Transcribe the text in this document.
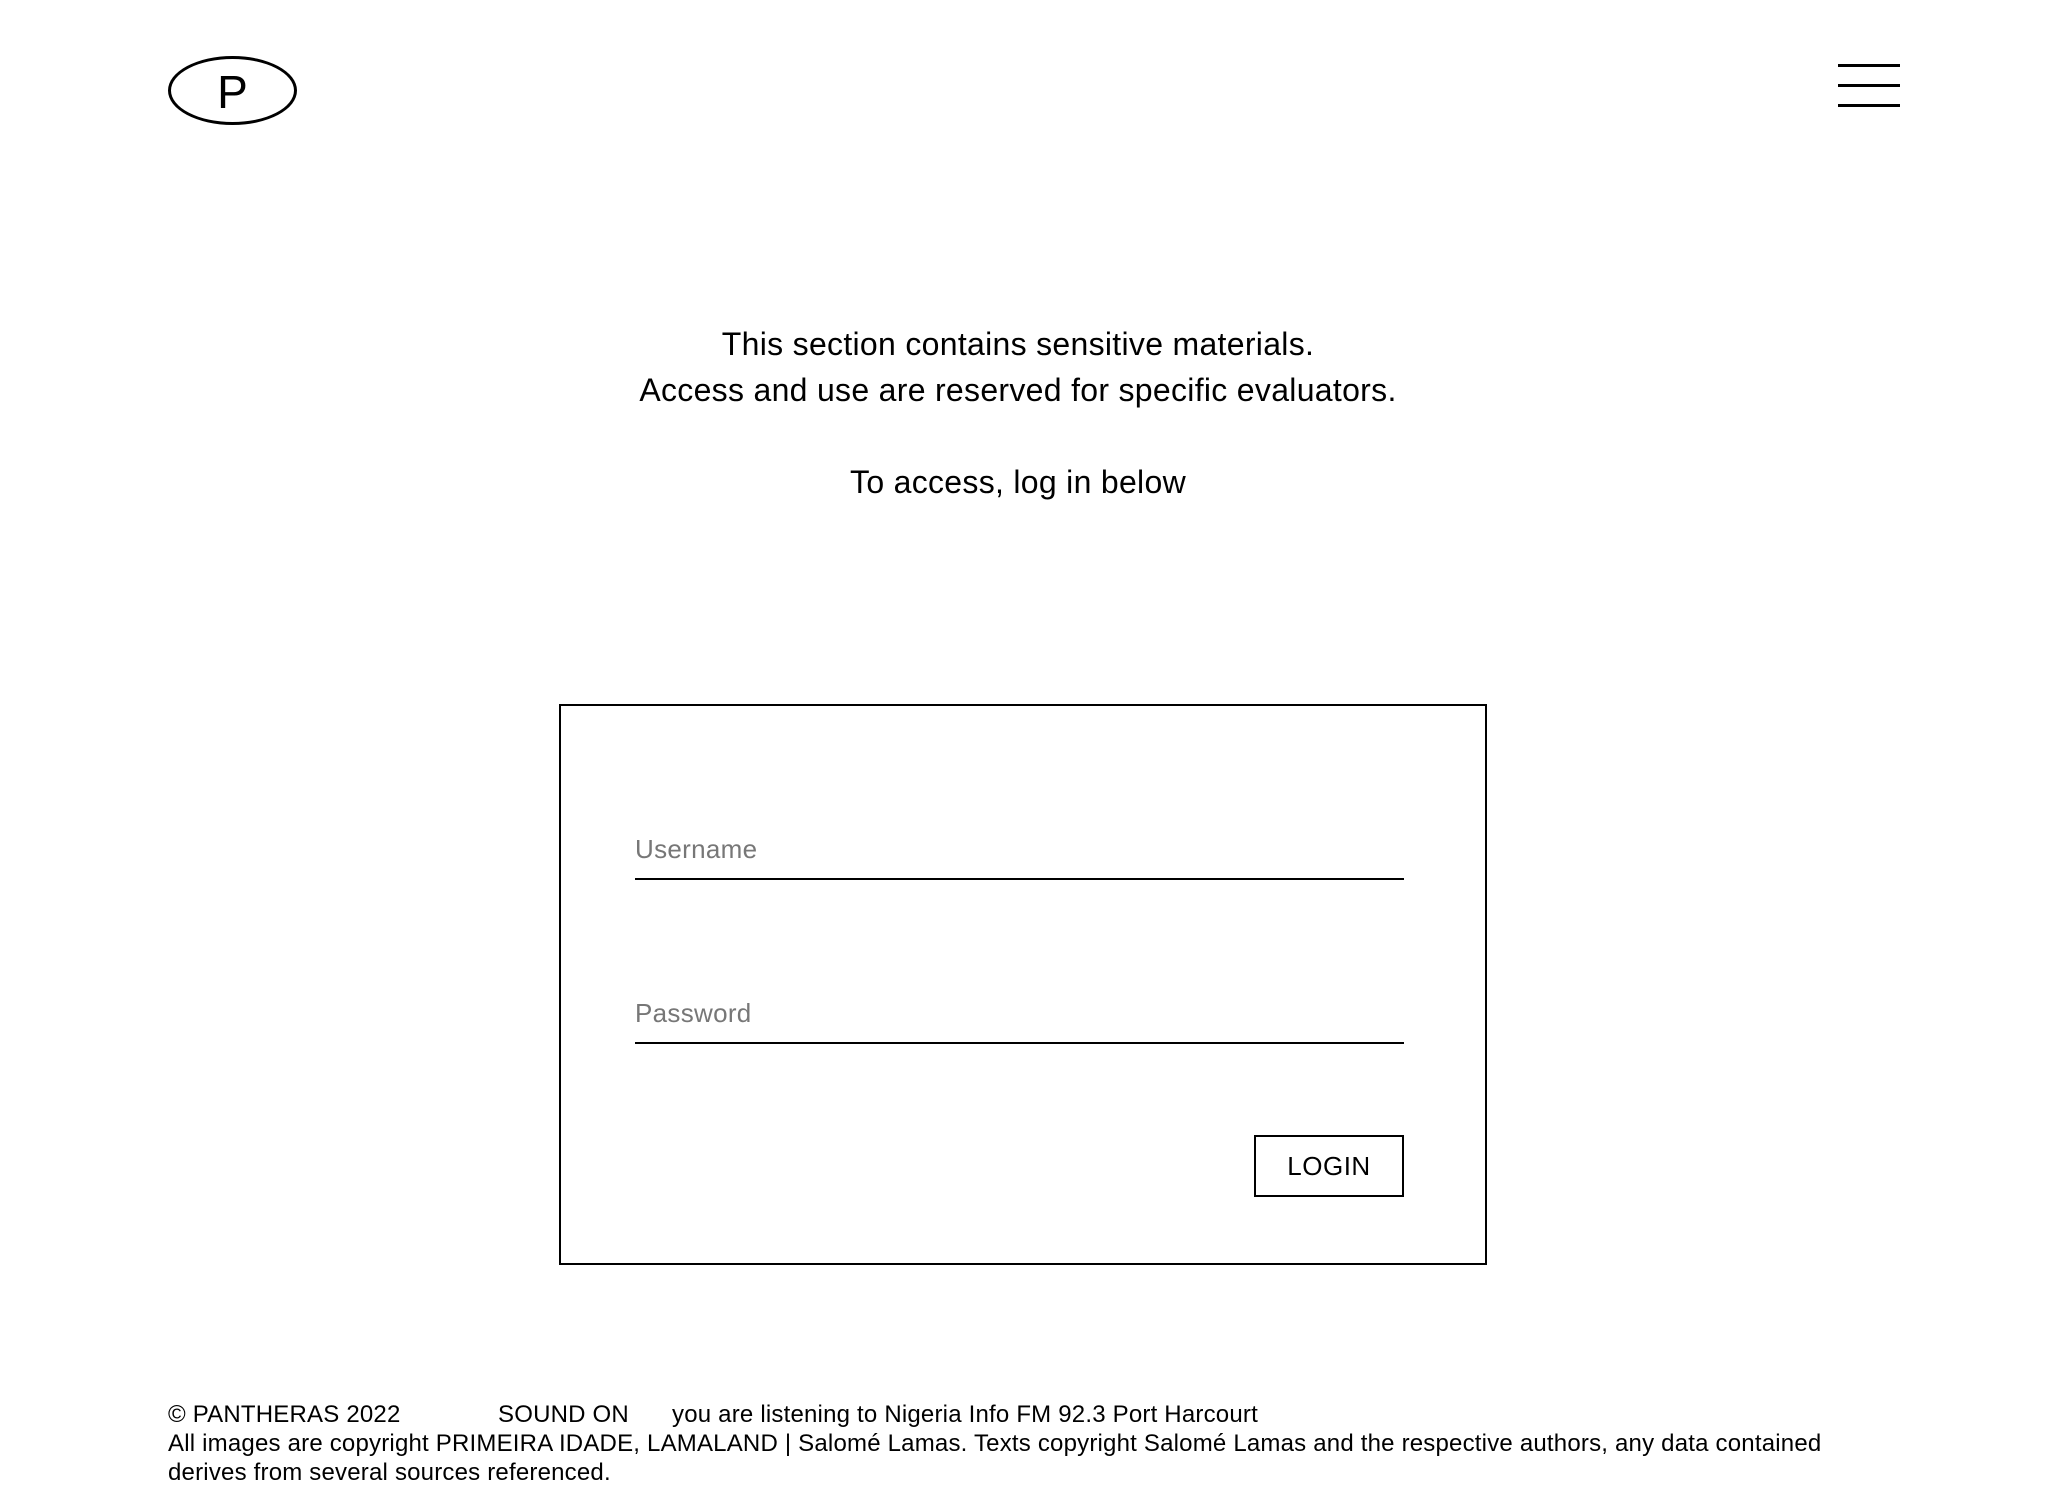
P

This section contains sensitive materials.

Access and use are reserved for specific evaluators.

To access, log in below

Username
LOGIN
© PANTHERAS 2022	SOUND ON	you are listening to Nigeria Info FM 92.3 Port Harcourt
All images are copyright PRIMEIRA IDADE, LAMALAND | Salomé Lamas. Texts copyright Salomé Lamas and the respective authors, any data contained derives from several sources referenced.
